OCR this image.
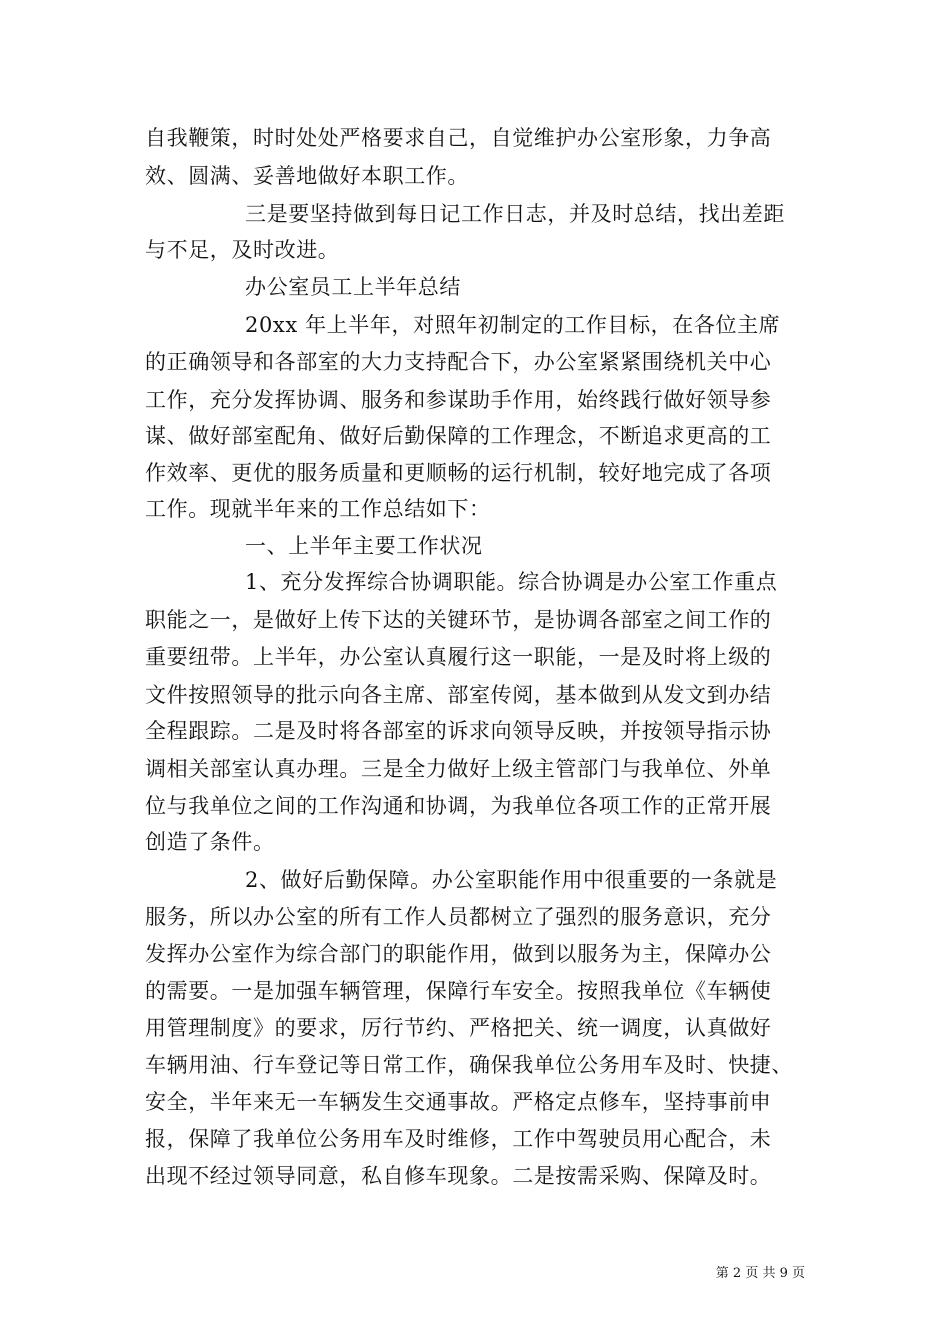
自我鞭策，时时处处严格要求自己，自觉维护办公室形象，力争高
效、圆满、妥善地做好本职工作。
三是要坚持做到每日记工作日志，并及时总结，找出差距
与不足，及时改进。
办公室员工上半年总结
20xx 年上半年，对照年初制定的工作目标，在各位主席
的正确领导和各部室的大力支持配合下，办公室紧紧围绕机关中心
工作，充分发挥协调、服务和参谋助手作用，始终践行做好领导参
谋、做好部室配角、做好后勤保障的工作理念，不断追求更高的工
作效率、更优的服务质量和更顺畅的运行机制，较好地完成了各项
工作。现就半年来的工作总结如下：
一、上半年主要工作状况
1、充分发挥综合协调职能。综合协调是办公室工作重点
职能之一，是做好上传下达的关键环节，是协调各部室之间工作的
重要纽带。上半年，办公室认真履行这一职能，一是及时将上级的
文件按照领导的批示向各主席、部室传阅，基本做到从发文到办结
全程跟踪。二是及时将各部室的诉求向领导反映，并按领导指示协
调相关部室认真办理。三是全力做好上级主管部门与我单位、外单
位与我单位之间的工作沟通和协调，为我单位各项工作的正常开展
创造了条件。
2、做好后勤保障。办公室职能作用中很重要的一条就是
服务，所以办公室的所有工作人员都树立了强烈的服务意识，充分
发挥办公室作为综合部门的职能作用，做到以服务为主，保障办公
的需要。一是加强车辆管理，保障行车安全。按照我单位《车辆使
用管理制度》的要求，厉行节约、严格把关、统一调度，认真做好
车辆用油、行车登记等日常工作，确保我单位公务用车及时、快捷、
安全，半年来无一车辆发生交通事故。严格定点修车，坚持事前申
报，保障了我单位公务用车及时维修，工作中驾驶员用心配合，未
出现不经过领导同意，私自修车现象。二是按需采购、保障及时。
第 2 页 共 9 页
